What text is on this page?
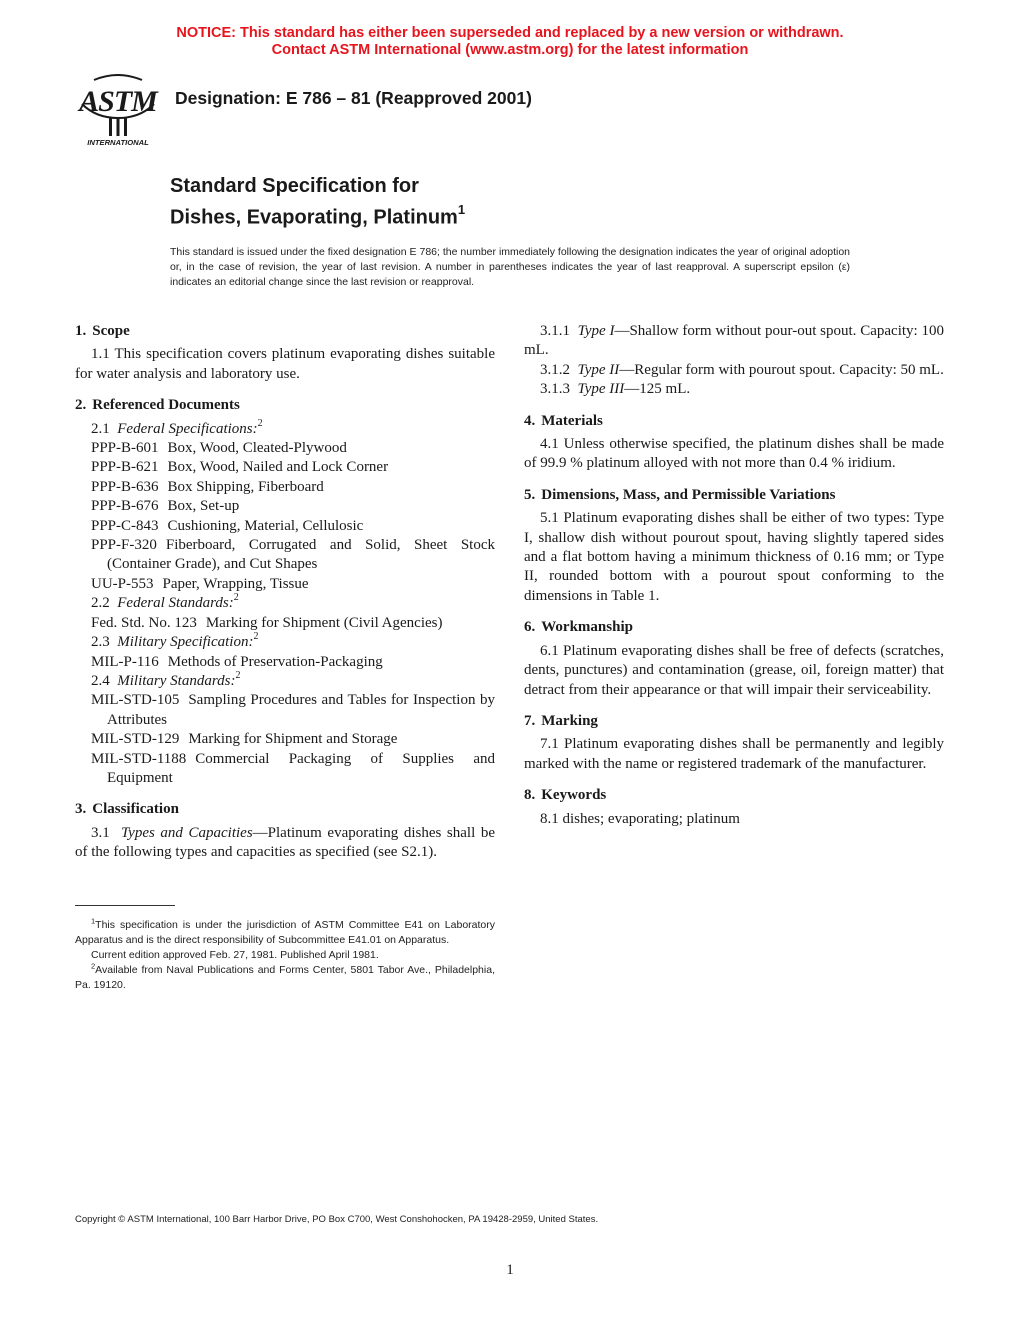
NOTICE: This standard has either been superseded and replaced by a new version or withdrawn.
Contact ASTM International (www.astm.org) for the latest information
ASTM
INTERNATIONAL
Designation: E 786 – 81 (Reapproved 2001)
Standard Specification for
Dishes, Evaporating, Platinum$^1$
This standard is issued under the fixed designation E 786; the number immediately following the designation indicates the year of original adoption or, in the case of revision, the year of last revision. A number in parentheses indicates the year of last reapproval. A superscript epsilon (ε) indicates an editorial change since the last revision or reapproval.

1. Scope

1.1 This specification covers platinum evaporating dishes suitable for water analysis and laboratory use.

2. Referenced Documents

2.1 Federal Specifications:$^2$

PPP-B-601 Box, Wood, Cleated-Plywood

PPP-B-621 Box, Wood, Nailed and Lock Corner

PPP-B-636 Box Shipping, Fiberboard

PPP-B-676 Box, Set-up

PPP-C-843 Cushioning, Material, Cellulosic

PPP-F-320 Fiberboard, Corrugated and Solid, Sheet Stock (Container Grade), and Cut Shapes

UU-P-553 Paper, Wrapping, Tissue

2.2 Federal Standards:$^2$

Fed. Std. No. 123 Marking for Shipment (Civil Agencies)

2.3 Military Specification:$^2$

MIL-P-116 Methods of Preservation-Packaging

2.4 Military Standards:$^2$

MIL-STD-105 Sampling Procedures and Tables for Inspection by Attributes

MIL-STD-129 Marking for Shipment and Storage

MIL-STD-1188 Commercial Packaging of Supplies and Equipment

3. Classification

3.1 Types and Capacities—Platinum evaporating dishes shall be of the following types and capacities as specified (see S2.1).

$^1$This specification is under the jurisdiction of ASTM Committee E41 on Laboratory Apparatus and is the direct responsibility of Subcommittee E41.01 on Apparatus.

Current edition approved Feb. 27, 1981. Published April 1981.

$^2$Available from Naval Publications and Forms Center, 5801 Tabor Ave., Philadelphia, Pa. 19120.

3.1.1 Type I—Shallow form without pour-out spout. Capacity: 100 mL.

3.1.2 Type II—Regular form with pourout spout. Capacity: 50 mL.

3.1.3 Type III—125 mL.

4. Materials

4.1 Unless otherwise specified, the platinum dishes shall be made of 99.9 % platinum alloyed with not more than 0.4 % iridium.

5. Dimensions, Mass, and Permissible Variations

5.1 Platinum evaporating dishes shall be either of two types: Type I, shallow dish without pourout spout, having slightly tapered sides and a flat bottom having a minimum thickness of 0.16 mm; or Type II, rounded bottom with a pourout spout conforming to the dimensions in Table 1.

6. Workmanship

6.1 Platinum evaporating dishes shall be free of defects (scratches, dents, punctures) and contamination (grease, oil, foreign matter) that detract from their appearance or that will impair their serviceability.

7. Marking

7.1 Platinum evaporating dishes shall be permanently and legibly marked with the name or registered trademark of the manufacturer.

8. Keywords

8.1 dishes; evaporating; platinum

Copyright © ASTM International, 100 Barr Harbor Drive, PO Box C700, West Conshohocken, PA 19428-2959, United States.
1
